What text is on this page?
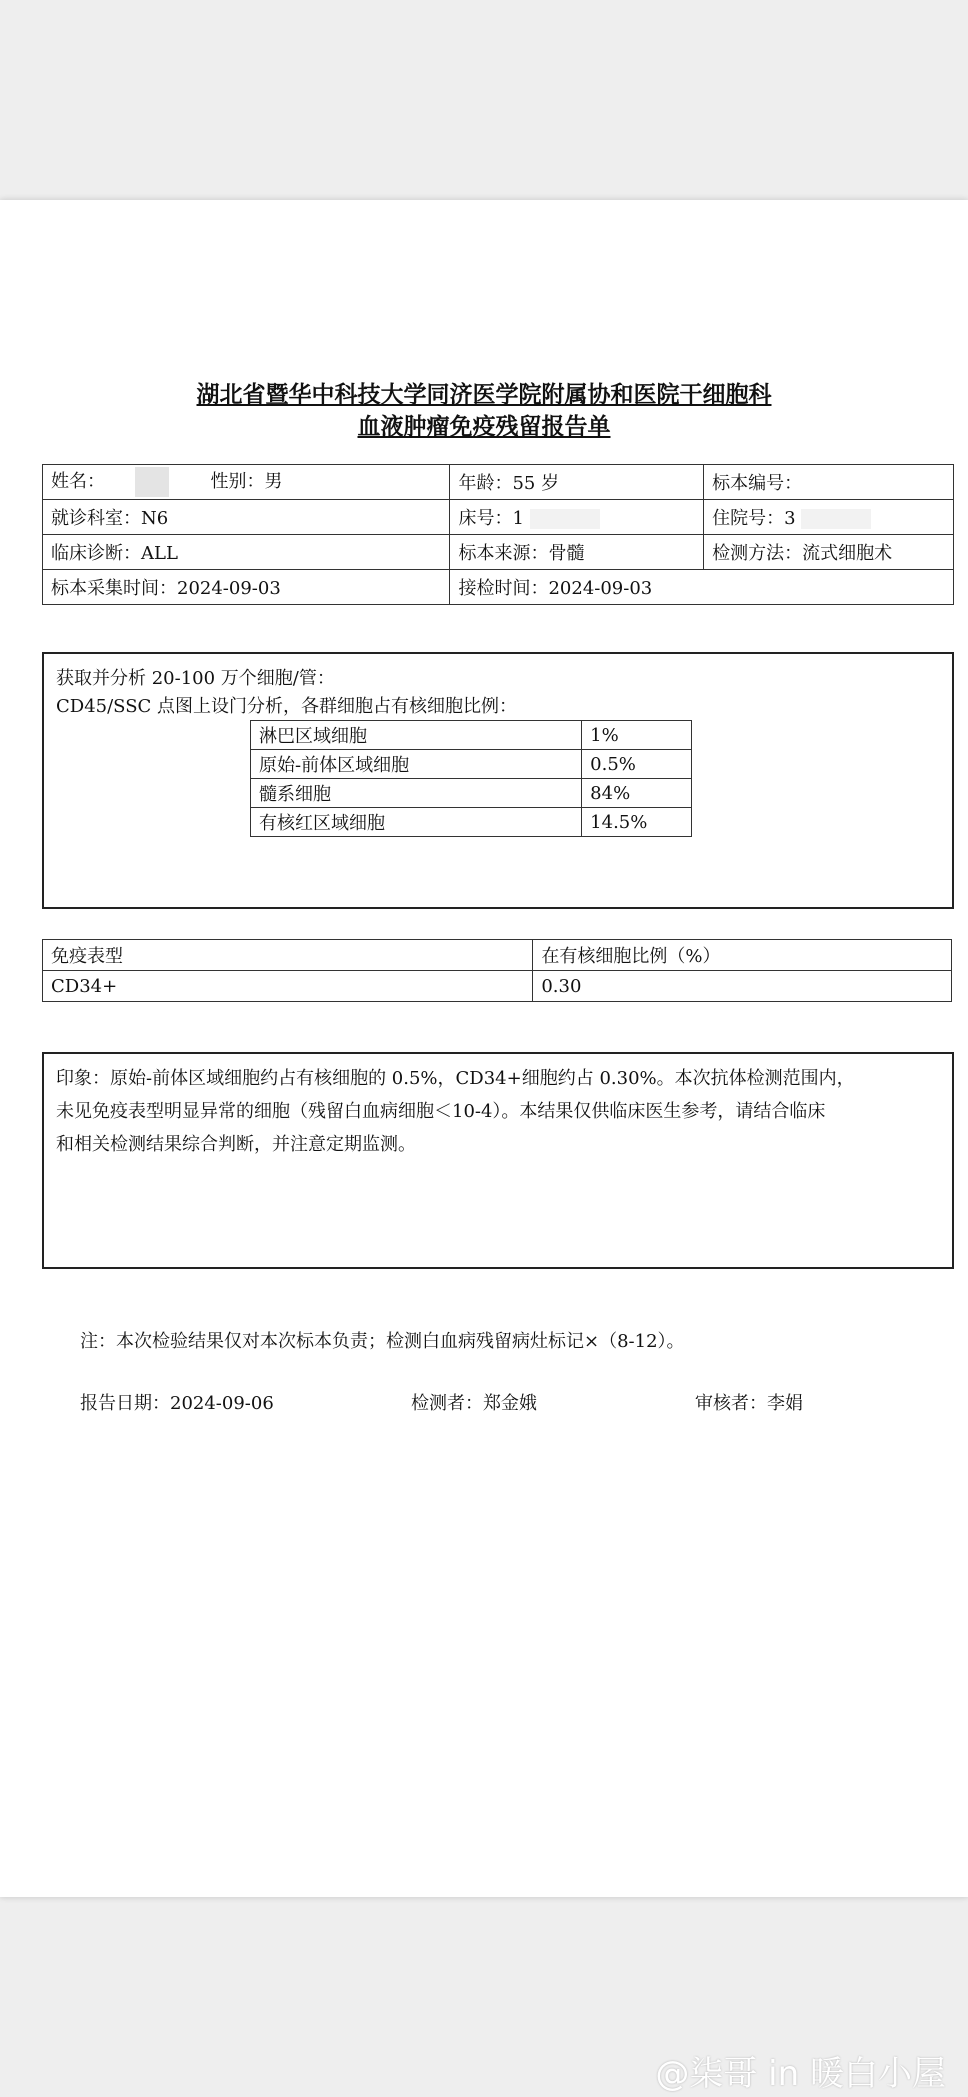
湖北省暨华中科技大学同济医学院附属协和医院干细胞科
血液肿瘤免疫残留报告单
姓名： 性别：男	年龄：55 岁	标本编号：
就诊科室：N6	床号：1	住院号：3
临床诊断：ALL	标本来源：骨髓	检测方法：流式细胞术
标本采集时间：2024-09-03	接检时间：2024-09-03	
获取并分析 20-100 万个细胞/管：
CD45/SSC 点图上设门分析，各群细胞占有核细胞比例：
淋巴区域细胞	1%
原始-前体区域细胞	0.5%
髓系细胞	84%
有核红区域细胞	14.5%
免疫表型	在有核细胞比例（%）
CD34+	0.30
印象：原始-前体区域细胞约占有核细胞的 0.5%，CD34+细胞约占 0.30%。本次抗体检测范围内，
未见免疫表型明显异常的细胞（残留白血病细胞＜10-4）。本结果仅供临床医生参考，请结合临床
和相关检测结果综合判断，并注意定期监测。
注：本次检验结果仅对本次标本负责；检测白血病残留病灶标记×（8-12）。
报告日期：2024-09-06	检测者：郑金娥	审核者：李娟
@柒哥 in 暖白小屋
